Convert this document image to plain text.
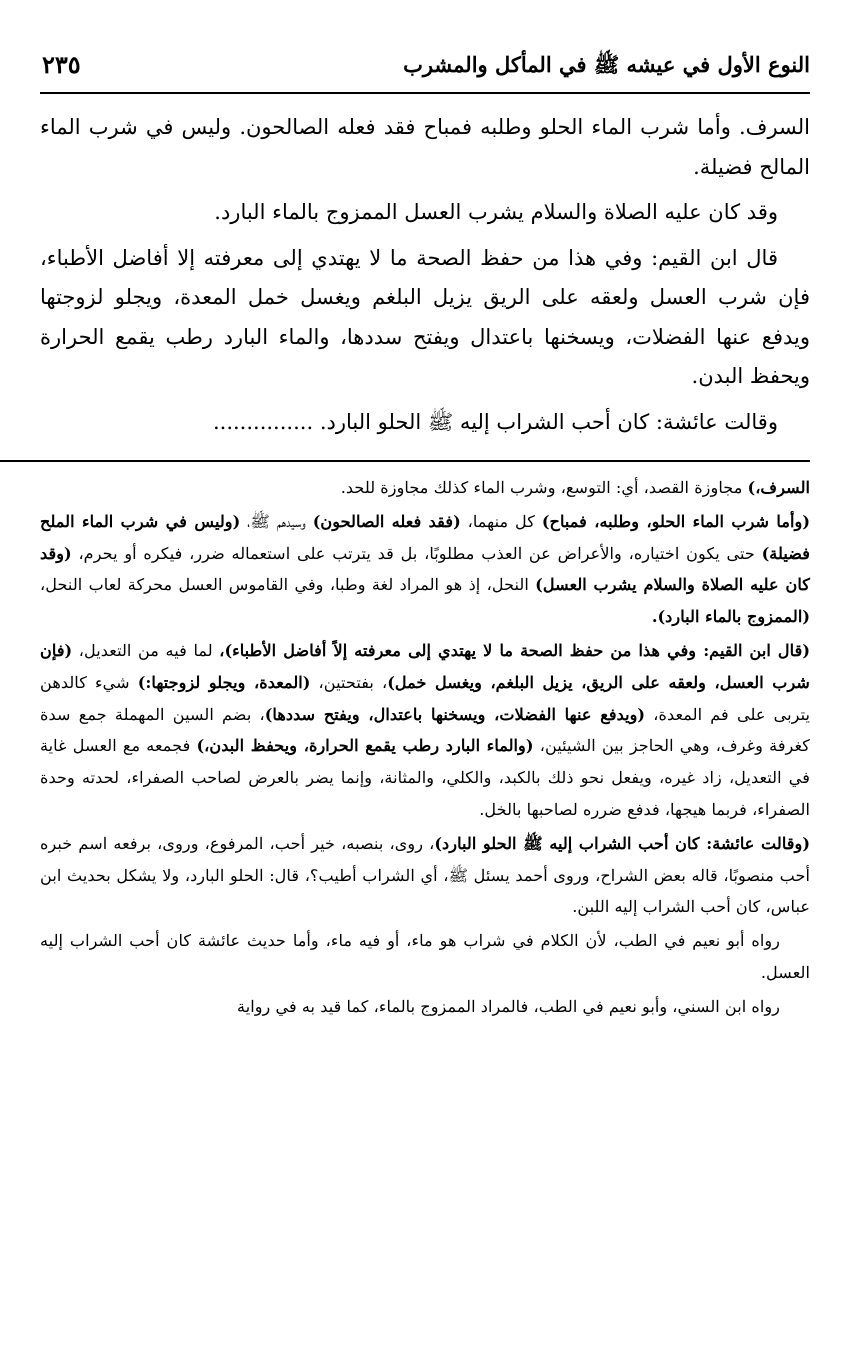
النوع الأول في عيشه ﷺ في المأكل والمشرب
٢٣٥

السرف. وأما شرب الماء الحلو وطلبه فمباح فقد فعله الصالحون. وليس في شرب الماء المالح فضيلة.

وقد كان عليه الصلاة والسلام يشرب العسل الممزوج بالماء البارد.

قال ابن القيم: وفي هذا من حفظ الصحة ما لا يهتدي إلى معرفته إلا أفاضل الأطباء، فإن شرب العسل ولعقه على الريق يزيل البلغم ويغسل خمل المعدة، ويجلو لزوجتها ويدفع عنها الفضلات، ويسخنها باعتدال ويفتح سددها، والماء البارد رطب يقمع الحرارة ويحفظ البدن.

وقالت عائشة: كان أحب الشراب إليه ﷺ الحلو البارد. ...............

السرف،) مجاوزة القصد، أي: التوسع، وشرب الماء كذلك مجاوزة للحد.

(وأما شرب الماء الحلو، وطلبه، فمباح) كل منهما، (فقد فعله الصالحون) وسيدهم ﷺ، (وليس في شرب الماء الملح فضيلة) حتى يكون اختياره، والأعراض عن العذب مطلوبًا، بل قد يترتب على استعماله ضرر، فيكره أو يحرم، (وقد كان عليه الصلاة والسلام يشرب العسل) النحل، إذ هو المراد لغة وطبا، وفي القاموس العسل محركة لعاب النحل، (الممزوج بالماء البارد).

(قال ابن القيم: وفي هذا من حفظ الصحة ما لا يهتدي إلى معرفته إلاً أفاضل الأطباء)، لما فيه من التعديل، (فإن شرب العسل، ولعقه على الريق، يزيل البلغم، ويغسل خمل)، بفتحتين، (المعدة، ويجلو لزوجتها:) شيء كالدهن يتربى على فم المعدة، (ويدفع عنها الفضلات، ويسخنها باعتدال، ويفتح سددها)، بضم السين المهملة جمع سدة كغرفة وغرف، وهي الحاجز بين الشيئين، (والماء البارد رطب يقمع الحرارة، ويحفظ البدن،) فجمعه مع العسل غاية في التعديل، زاد غيره، ويفعل نحو ذلك بالكبد، والكلي، والمثانة، وإنما يضر بالعرض لصاحب الصفراء، لحدته وحدة الصفراء، فربما هيجها، فدفع ضرره لصاحبها بالخل.

(وقالت عائشة: كان أحب الشراب إليه ﷺ الحلو البارد)، روى، بنصبه، خير أحب، المرفوع، وروى، برفعه اسم خبره أحب منصوبًا، قاله بعض الشراح، وروى أحمد يسئل ﷺ، أي الشراب أطيب؟، قال: الحلو البارد، ولا يشكل بحديث ابن عباس، كان أحب الشراب إليه اللبن.

رواه أبو نعيم في الطب، لأن الكلام في شراب هو ماء، أو فيه ماء، وأما حديث عائشة كان أحب الشراب إليه العسل.

رواه ابن السني، وأبو نعيم في الطب، فالمراد الممزوج بالماء، كما قيد به في رواية
